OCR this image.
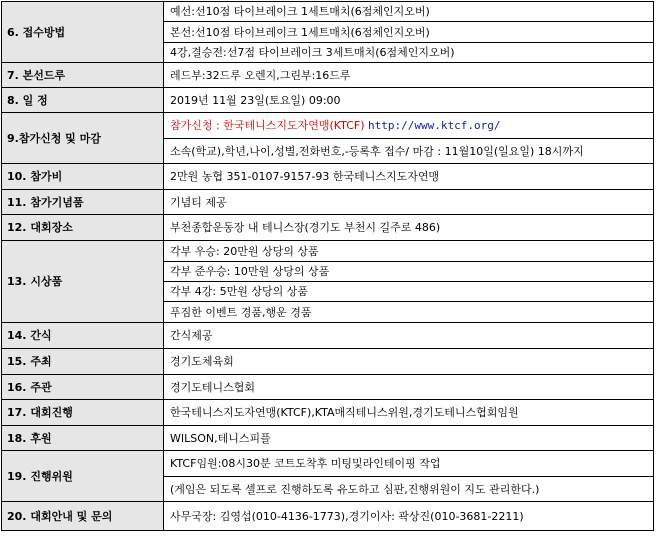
6. 접수방법	예선:선10점 타이브레이크 1세트매치(6점체인지오버)
	본선:선10점 타이브레이크 1세트매치(6점체인지오버)
	4강,결승전:선7점 타이브레이크 3세트매치(6점체인지오버)
7. 본선드루	레드부:32드루 오렌지,그린부:16드루
8. 일 정	2019년 11월 23일(토요일) 09:00
9.참가신청 및 마감	참가신청 : 한국테니스지도자연맹(KTCF) http://www.ktcf.org/
	소속(학교),학년,나이,성별,전화번호,-등록후 접수/ 마감 : 11월10일(일요일) 18시까지
10. 참가비	2만원 농협 351-0107-9157-93 한국테니스지도자연맹
11. 참가기념품	기념티 제공
12. 대회장소	부천종합운동장 내 테니스장(경기도 부천시 길주로 486)
13. 시상품	각부 우승: 20만원 상당의 상품
	각부 준우승: 10만원 상당의 상품
	각부 4강: 5만원 상당의 상품
	푸짐한 이벤트 경품,행운 경품
14. 간식	간식제공
15. 주최	경기도체육회
16. 주관	경기도테니스협회
17. 대회진행	한국테니스지도자연맹(KTCF),KTA매직테니스위원,경기도테니스협회임원
18. 후원	WILSON,테니스피플
19. 진행위원	KTCF임원:08시30분 코트도착후 미팅및라인테이핑 작업
	(게임은 되도록 셀프로 진행하도록 유도하고 심판,진행위원이 지도 관리한다.)
20. 대회안내 및 문의	사무국장: 김영섭(010-4136-1773),경기이사: 곽상진(010-3681-2211)
